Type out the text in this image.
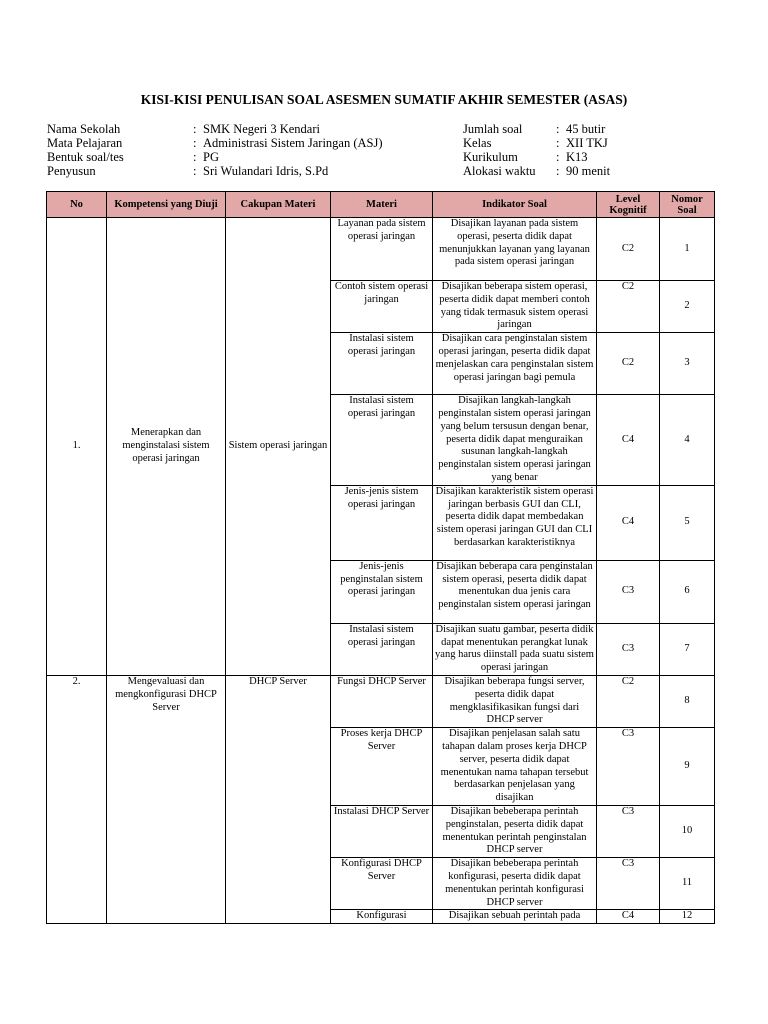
KISI-KISI PENULISAN SOAL ASESMEN SUMATIF AKHIR SEMESTER (ASAS)
Nama Sekolah	: SMK Negeri 3 Kendari
Mata Pelajaran	: Administrasi Sistem Jaringan (ASJ)
Bentuk soal/tes	: PG
Penyusun	: Sri Wulandari Idris, S.Pd
Jumlah soal	: 45 butir
Kelas	: XII TKJ
Kurikulum	: K13
Alokasi waktu	: 90 menit
No	Kompetensi yang Diuji	Cakupan Materi	Materi	Indikator Soal	Level Kognitif	Nomor Soal
1.	Menerapkan dan menginstalasi sistem operasi jaringan	Sistem operasi jaringan	Layanan pada sistem operasi jaringan	Disajikan layanan pada sistem operasi, peserta didik dapat menunjukkan layanan yang layanan pada sistem operasi jaringan	C2	1
			Contoh sistem operasi jaringan	Disajikan beberapa sistem operasi, peserta didik dapat memberi contoh yang tidak termasuk sistem operasi jaringan	C2	2
			Instalasi sistem operasi jaringan	Disajikan cara penginstalan sistem operasi jaringan, peserta didik dapat menjelaskan cara penginstalan sistem operasi jaringan bagi pemula	C2	3
			Instalasi sistem operasi jaringan	Disajikan langkah-langkah penginstalan sistem operasi jaringan yang belum tersusun dengan benar, peserta didik dapat menguraikan susunan langkah-langkah penginstalan sistem operasi jaringan yang benar	C4	4
			Jenis-jenis sistem operasi jaringan	Disajikan karakteristik sistem operasi jaringan berbasis GUI dan CLI, peserta didik dapat membedakan sistem operasi jaringan GUI dan CLI berdasarkan karakteristiknya	C4	5
			Jenis-jenis penginstalan sistem operasi jaringan	Disajikan beberapa cara penginstalan sistem operasi, peserta didik dapat menentukan dua jenis cara penginstalan sistem operasi jaringan	C3	6
			Instalasi sistem operasi jaringan	Disajikan suatu gambar, peserta didik dapat menentukan perangkat lunak yang harus diinstall pada suatu sistem operasi jaringan	C3	7
2.	Mengevaluasi dan mengkonfigurasi DHCP Server	DHCP Server	Fungsi DHCP Server	Disajikan beberapa fungsi server, peserta didik dapat mengklasifikasikan fungsi dari DHCP server	C2	8
			Proses kerja DHCP Server	Disajikan penjelasan salah satu tahapan dalam proses kerja DHCP server, peserta didik dapat menentukan nama tahapan tersebut berdasarkan penjelasan yang disajikan	C3	9
			Instalasi DHCP Server	Disajikan bebeberapa perintah penginstalan, peserta didik dapat menentukan perintah penginstalan DHCP server	C3	10
			Konfigurasi DHCP Server	Disajikan bebeberapa perintah konfigurasi, peserta didik dapat menentukan perintah konfigurasi DHCP server	C3	11
			Konfigurasi	Disajikan sebuah perintah pada	C4	12
